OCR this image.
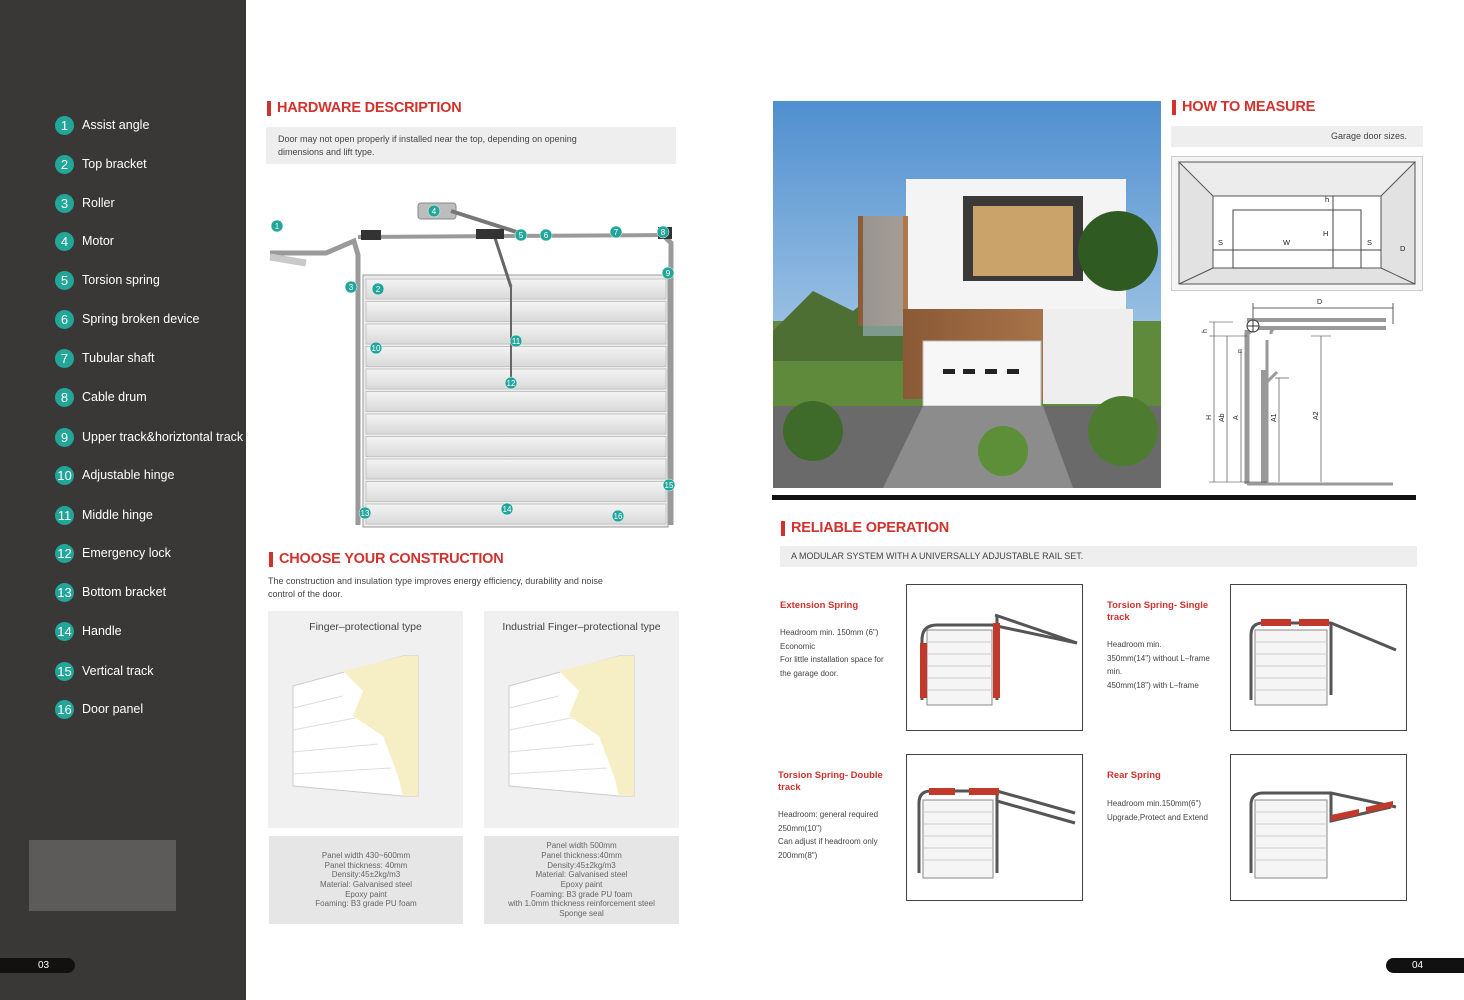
1	Assist angle
2	Top bracket
3	Roller
4	Motor
5	Torsion spring
6	Spring broken device
7	Tubular shaft
8	Cable drum
9	Upper track&horiztontal track
10 Adjustable hinge
11 Middle hinge
12 Emergency lock
13 Bottom bracket
14 Handle
15 Vertical track
16 Door panel
03	04
HARDWARE DESCRIPTION
Door may not open properly if installed near the top, depending on opening
dimensions and lift type.
1
3	2
4
5	6	7	8
9
10
11
12
13	14
15
16
CHOOSE YOUR CONSTRUCTION
The construction and insulation type improves energy efficiency, durability and noise
control of the door.
Finger–protectional type	Industrial Finger–protectional type
Panel width 430~600mm
Panel thickness: 40mm
Density:45±2kg/m3
Material: Galvanised steel
Epoxy paint
Foaming: B3 grade PU foam
Panel width 500mm
Panel thickness:40mm
Density:45±2kg/m3
Material: Galvanised steel
Epoxy paint
Foaming: B3 grade PU foam
with 1.0mm thickness reinforcement steel
Sponge seal
HOW TO MEASURE
Garage door sizes.
h
H
W
S	S
D
D
h
H Ab A	A1	A2
n
RELIABLE OPERATION
A MODULAR SYSTEM WITH A UNIVERSALLY ADJUSTABLE RAIL SET.
Extension Spring
Headroom min. 150mm (6")
Economic
For little installation space for
the garage door.
Torsion Spring- Single
track
Headroom min.
350mm(14") without L–frame
min.
450mm(18") with L–frame
Torsion Spring- Double
track
Headroom: general required
250mm(10")
Can adjust if headroom only
200mm(8")
Rear Spring
Headroom min.150mm(6")
Upgrade,Protect and Extend
